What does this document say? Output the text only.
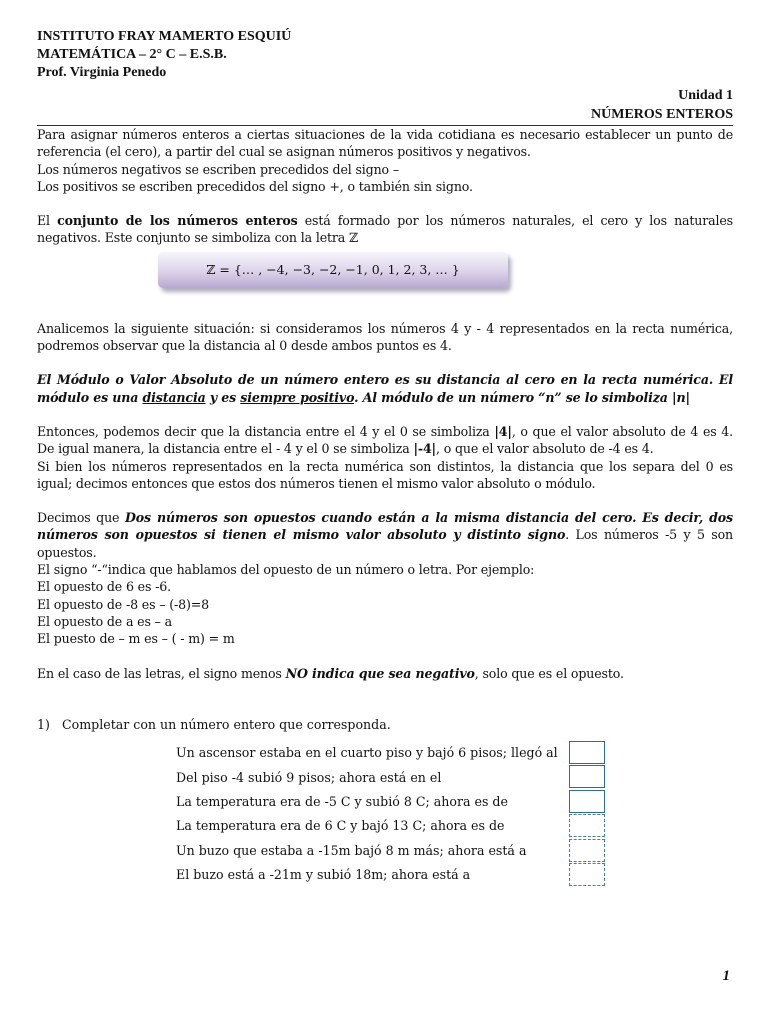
INSTITUTO FRAY MAMERTO ESQUIÚ
MATEMÁTICA – 2° C – E.S.B.
Prof. Virginia Penedo
Unidad 1
NÚMEROS ENTEROS

Para asignar números enteros a ciertas situaciones de la vida cotidiana es necesario establecer un punto de referencia (el cero), a partir del cual se asignan números positivos y negativos.

Los números negativos se escriben precedidos del signo –

Los positivos se escriben precedidos del signo +, o también sin signo.

El conjunto de los números enteros está formado por los números naturales, el cero y los naturales negativos. Este conjunto se simboliza con la letra ℤ

ℤ = {… , −4, −3, −2, −1, 0, 1, 2, 3, … }

Analicemos la siguiente situación: si consideramos los números 4 y - 4 representados en la recta numérica, podremos observar que la distancia al 0 desde ambos puntos es 4.

El Módulo o Valor Absoluto de un número entero es su distancia al cero en la recta numérica. El módulo es una distancia y es siempre positivo. Al módulo de un número “n” se lo simboliza |n|

Entonces, podemos decir que la distancia entre el 4 y el 0 se simboliza |4|, o que el valor absoluto de 4 es 4. De igual manera, la distancia entre el - 4 y el 0 se simboliza |-4|, o que el valor absoluto de -4 es 4.

Si bien los números representados en la recta numérica son distintos, la distancia que los separa del 0 es igual; decimos entonces que estos dos números tienen el mismo valor absoluto o módulo.

Decimos que Dos números son opuestos cuando están a la misma distancia del cero. Es decir, dos números son opuestos si tienen el mismo valor absoluto y distinto signo. Los números -5 y 5 son opuestos.

El signo “-“indica que hablamos del opuesto de un número o letra. Por ejemplo:

El opuesto de 6 es -6.

El opuesto de -8 es – (-8)=8

El opuesto de a es – a

El puesto de – m es – ( - m) = m

En el caso de las letras, el signo menos NO indica que sea negativo, solo que es el opuesto.

1) Completar con un número entero que corresponda.
Un ascensor estaba en el cuarto piso y bajó 6 pisos; llegó al
Del piso -4 subió 9 pisos; ahora está en el
La temperatura era de -5 C y subió 8 C; ahora es de
La temperatura era de 6 C y bajó 13 C; ahora es de
Un buzo que estaba a -15m bajó 8 m más; ahora está a
El buzo está a -21m y subió 18m; ahora está a
1
